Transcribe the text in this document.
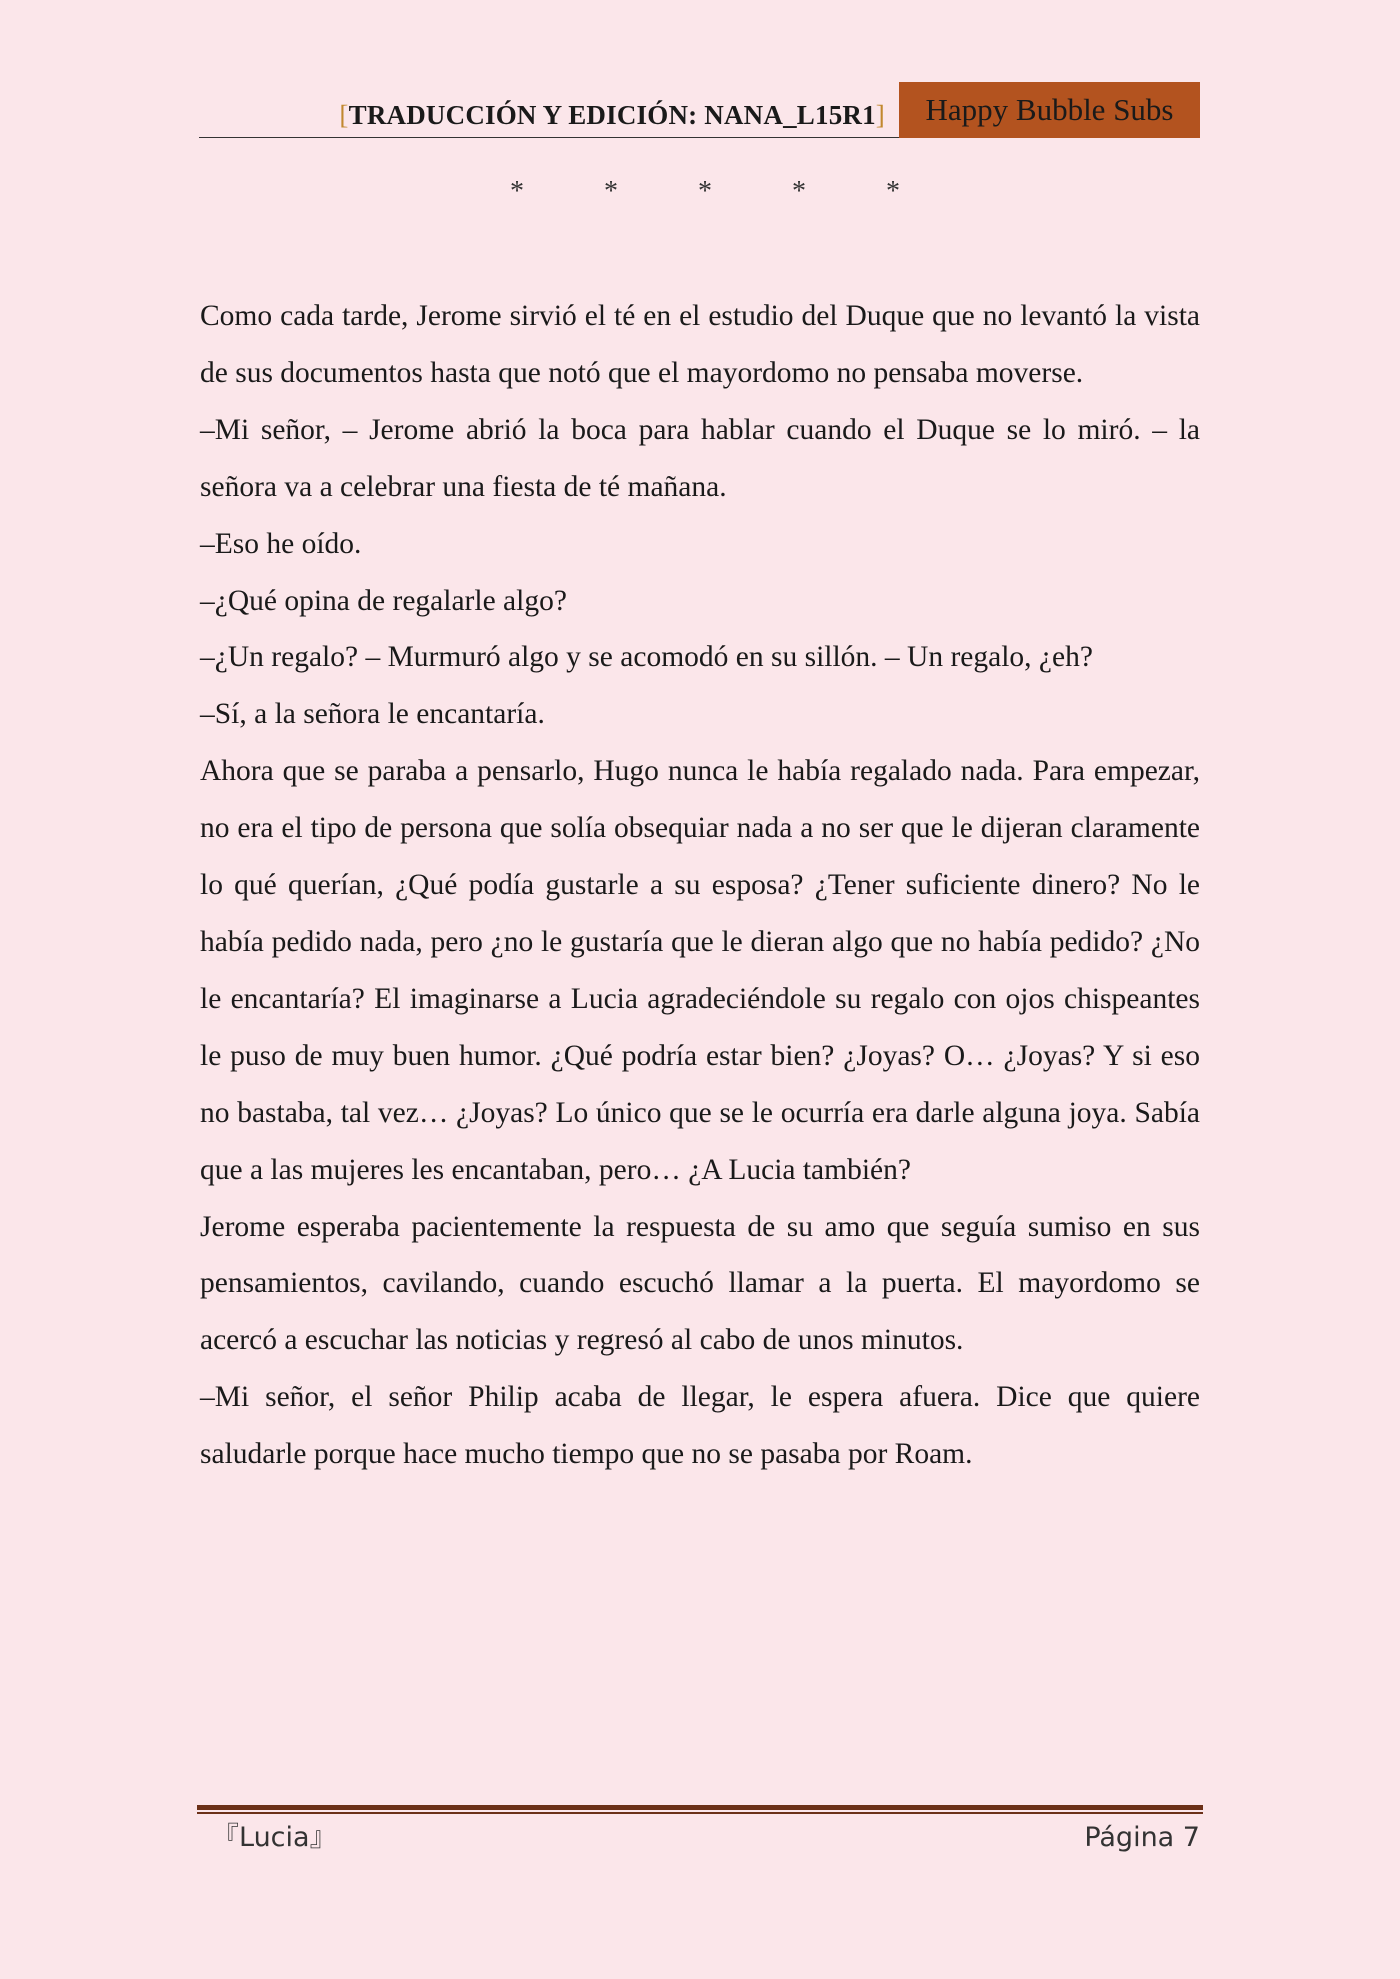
[TRADUCCIÓN Y EDICIÓN: NANA_L15R1]	Happy Bubble Subs
*	*	*	*	*

Como cada tarde, Jerome sirvió el té en el estudio del Duque que no levantó la vista de sus documentos hasta que notó que el mayordomo no pensaba moverse.

–Mi señor, – Jerome abrió la boca para hablar cuando el Duque se lo miró. – la señora va a celebrar una fiesta de té mañana.

–Eso he oído.

–¿Qué opina de regalarle algo?

–¿Un regalo? – Murmuró algo y se acomodó en su sillón. – Un regalo, ¿eh?

–Sí, a la señora le encantaría.

Ahora que se paraba a pensarlo, Hugo nunca le había regalado nada. Para empezar, no era el tipo de persona que solía obsequiar nada a no ser que le dijeran claramente lo qué querían, ¿Qué podía gustarle a su esposa? ¿Tener suficiente dinero? No le había pedido nada, pero ¿no le gustaría que le dieran algo que no había pedido? ¿No le encantaría? El imaginarse a Lucia agradeciéndole su regalo con ojos chispeantes le puso de muy buen humor. ¿Qué podría estar bien? ¿Joyas? O… ¿Joyas? Y si eso no bastaba, tal vez… ¿Joyas? Lo único que se le ocurría era darle alguna joya. Sabía que a las mujeres les encantaban, pero… ¿A Lucia también?

Jerome esperaba pacientemente la respuesta de su amo que seguía sumiso en sus pensamientos, cavilando, cuando escuchó llamar a la puerta. El mayordomo se acercó a escuchar las noticias y regresó al cabo de unos minutos.

–Mi señor, el señor Philip acaba de llegar, le espera afuera. Dice que quiere saludarle porque hace mucho tiempo que no se pasaba por Roam.

『Lucia』	Página 7
